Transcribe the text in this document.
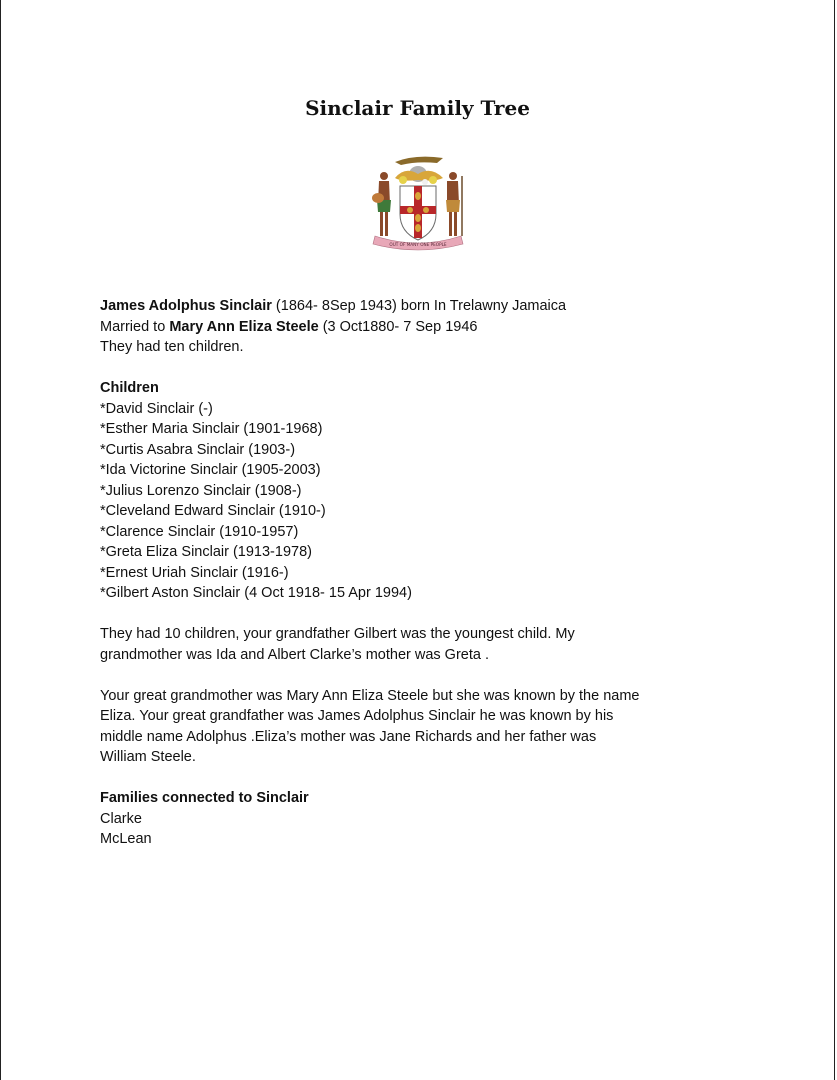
Sinclair Family Tree
OUT OF MANY ONE PEOPLE

James Adolphus Sinclair (1864- 8Sep 1943) born In Trelawny Jamaica

Married to Mary Ann Eliza Steele (3 Oct1880- 7 Sep 1946

They had ten children.

Children

*David Sinclair (-)
*Esther Maria Sinclair (1901-1968)
*Curtis Asabra Sinclair (1903-)
*Ida Victorine Sinclair (1905-2003)
*Julius Lorenzo Sinclair (1908-)
*Cleveland Edward Sinclair (1910-)
*Clarence Sinclair (1910-1957)
*Greta Eliza Sinclair (1913-1978)
*Ernest Uriah Sinclair (1916-)
*Gilbert Aston Sinclair (4 Oct 1918- 15 Apr 1994)

They had 10 children, your grandfather Gilbert was the youngest child. My

grandmother was Ida and Albert Clarke’s mother was Greta .

Your great grandmother was Mary Ann Eliza Steele but she was known by the name

Eliza. Your great grandfather was James Adolphus Sinclair he was known by his

middle name Adolphus .Eliza’s mother was Jane Richards and her father was

William Steele.

Families connected to Sinclair

Clarke
McLean
